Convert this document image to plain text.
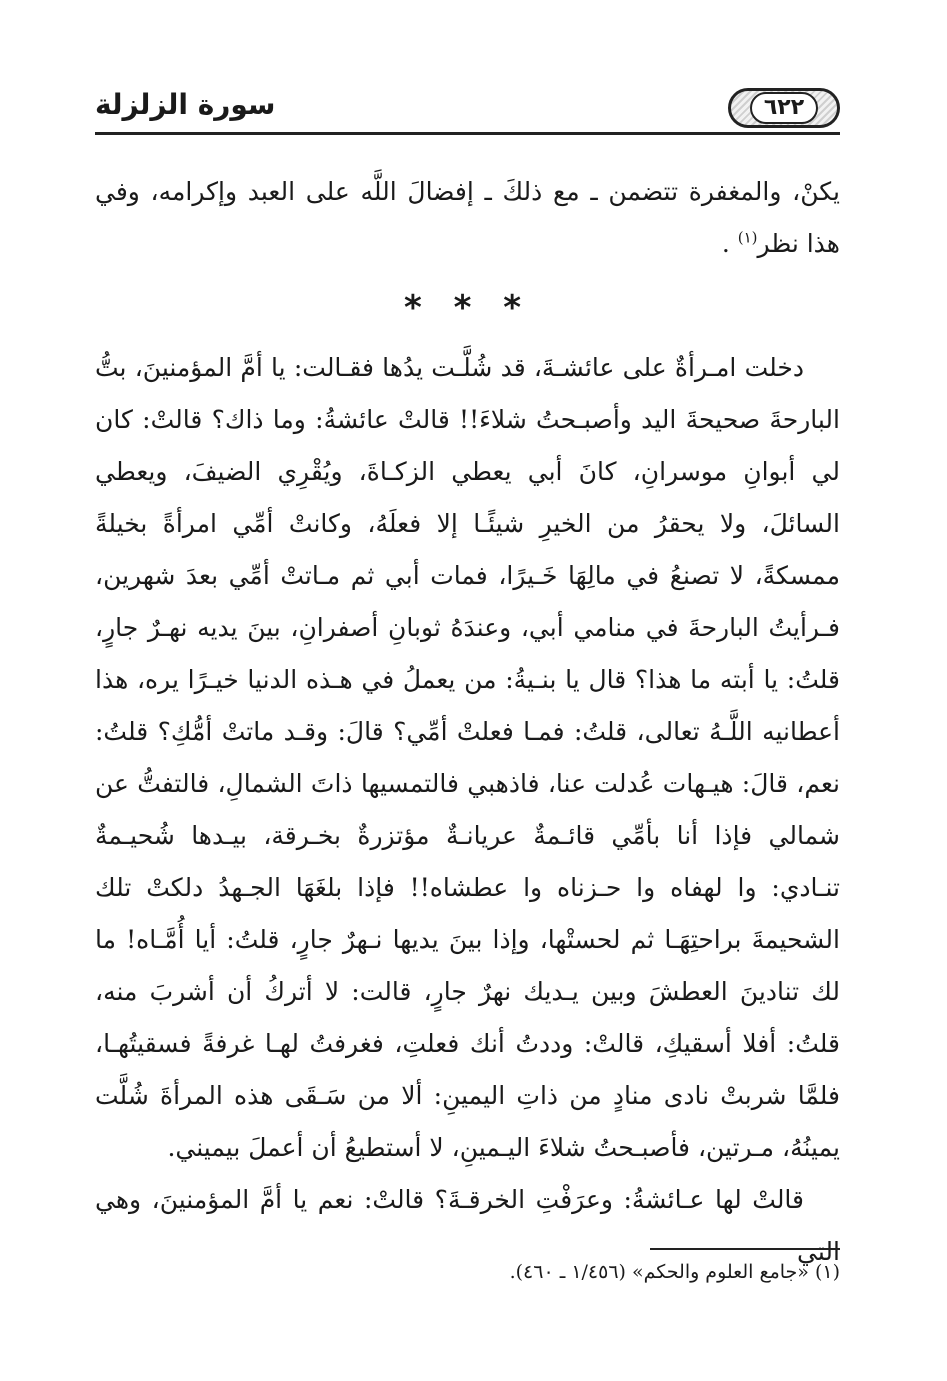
سورة الزلزلة	٦٢٢
يكنْ، والمغفرة تتضمن ـ مع ذلكَ ـ إفضالَ اللَّه على العبد وإكرامه، وفي هذا نظر$^{(١)}$ .
* * *
دخلت امـرأةٌ على عائشـةَ، قد شُلَّـت يدُها فقـالت: يا أمَّ المؤمنينَ، بتُّ البارحةَ صحيحةَ اليد وأصبـحتُ شلاءَ!! قالتْ عائشةُ: وما ذاك؟ قالتْ: كان لي أبوانِ موسرانِ، كانَ أبي يعطي الزكـاةَ، ويُقْرِي الضيفَ، ويعطي السائلَ، ولا يحقرُ من الخيرِ شيئًـا إلا فعلَهُ، وكانتْ أمِّي امرأةً بخيلةً ممسكةً، لا تصنعُ في مالِهَا خَـيرًا، فمات أبي ثم مـاتتْ أمِّي بعدَ شهرين، فـرأيتُ البارحةَ في منامي أبي، وعندَهُ ثوبانِ أصفرانِ، بينَ يديه نهـرٌ جارٍ، قلتُ: يا أبته ما هذا؟ قال يا بنـيةُ: من يعملُ في هـذه الدنيا خيـرًا يره، هذا أعطانيه اللَّـهُ تعالى، قلتُ: فمـا فعلتْ أمِّي؟ قالَ: وقـد ماتتْ أمُّكِ؟ قلتُ: نعم، قالَ: هيـهات عُدلت عنا، فاذهبي فالتمسيها ذاتَ الشمالِ، فالتفتُّ عن شمالي فإذا أنا بأمِّي قائـمةٌ عريانـةٌ مؤتزرةٌ بخـرقة، بيـدها شُحيـمةٌ تنـادي: وا لهفاه وا حـزناه وا عطشاه!! فإذا بلغَهَا الجـهدُ دلكتْ تلك الشحيمةَ براحتِهَـا ثم لحستْها، وإذا بينَ يديها نـهرٌ جارٍ، قلتُ: أيا أُمَّـاه! ما لك تنادينَ العطشَ وبين يـديك نهرٌ جارٍ، قالت: لا أتركُ أن أشربَ منه، قلتُ: أفلا أسقيكِ، قالتْ: وددتُ أنك فعلتِ، فغرفتُ لهـا غرفةً فسقيتُهـا، فلمَّا شربتْ نادى منادٍ من ذاتِ اليمينِ: ألا من سَـقَى هذه المرأةَ شُلَّت يمينُهُ، مـرتين، فأصبـحتُ شلاءَ اليـمينِ، لا أستطيعُ أن أعملَ بيميني.
قالتْ لها عـائشةُ: وعرَفْتِ الخرقـةَ؟ قالتْ: نعم يا أمَّ المؤمنينَ، وهي التي
(١) «جامع العلوم والحكم» (١/٤٥٦ ـ ٤٦٠).
